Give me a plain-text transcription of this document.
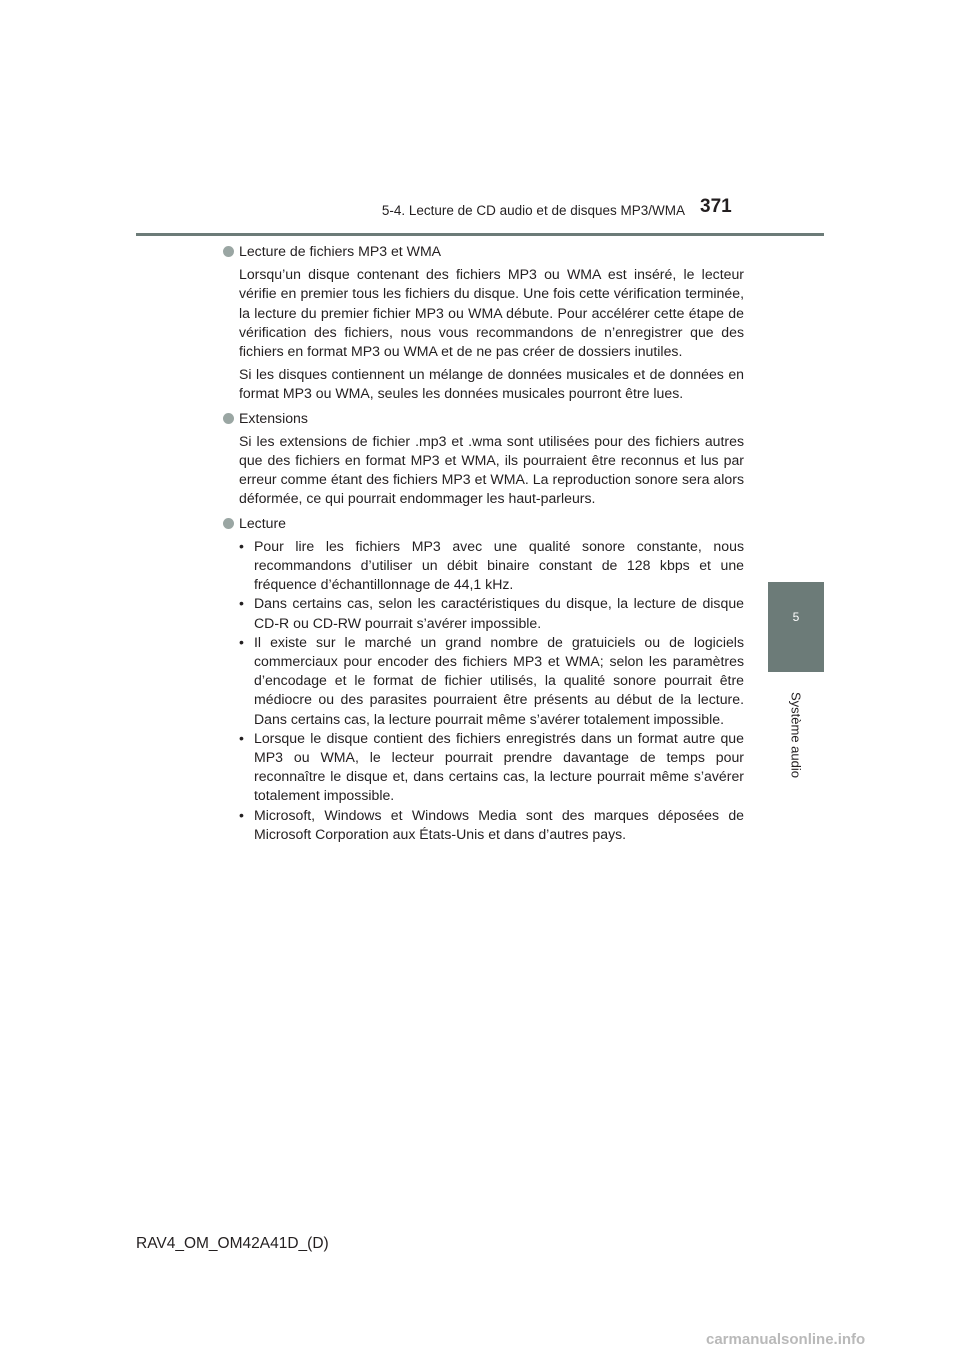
5-4. Lecture de CD audio et de disques MP3/WMA 371
5
Système audio
Lecture de fichiers MP3 et WMA

Lorsqu’un disque contenant des fichiers MP3 ou WMA est inséré, le lecteur vérifie en premier tous les fichiers du disque. Une fois cette vérification terminée, la lecture du premier fichier MP3 ou WMA débute. Pour accélérer cette étape de vérification des fichiers, nous vous recommandons de n’enregistrer que des fichiers en format MP3 ou WMA et de ne pas créer de dossiers inutiles.

Si les disques contiennent un mélange de données musicales et de données en format MP3 ou WMA, seules les données musicales pourront être lues.

Extensions

Si les extensions de fichier .mp3 et .wma sont utilisées pour des fichiers autres que des fichiers en format MP3 et WMA, ils pourraient être reconnus et lus par erreur comme étant des fichiers MP3 et WMA. La reproduction sonore sera alors déformée, ce qui pourrait endommager les haut-parleurs.

Lecture
• Pour lire les fichiers MP3 avec une qualité sonore constante, nous recommandons d’utiliser un débit binaire constant de 128 kbps et une fréquence d’échantillonnage de 44,1 kHz.
• Dans certains cas, selon les caractéristiques du disque, la lecture de disque CD-R ou CD-RW pourrait s’avérer impossible.
• Il existe sur le marché un grand nombre de gratuiciels ou de logiciels commerciaux pour encoder des fichiers MP3 et WMA; selon les paramètres d’encodage et le format de fichier utilisés, la qualité sonore pourrait être médiocre ou des parasites pourraient être présents au début de la lecture. Dans certains cas, la lecture pourrait même s’avérer totalement impossible.
• Lorsque le disque contient des fichiers enregistrés dans un format autre que MP3 ou WMA, le lecteur pourrait prendre davantage de temps pour reconnaître le disque et, dans certains cas, la lecture pourrait même s’avérer totalement impossible.
• Microsoft, Windows et Windows Media sont des marques déposées de Microsoft Corporation aux États-Unis et dans d’autres pays.
RAV4_OM_OM42A41D_(D)
carmanualsonline.info
